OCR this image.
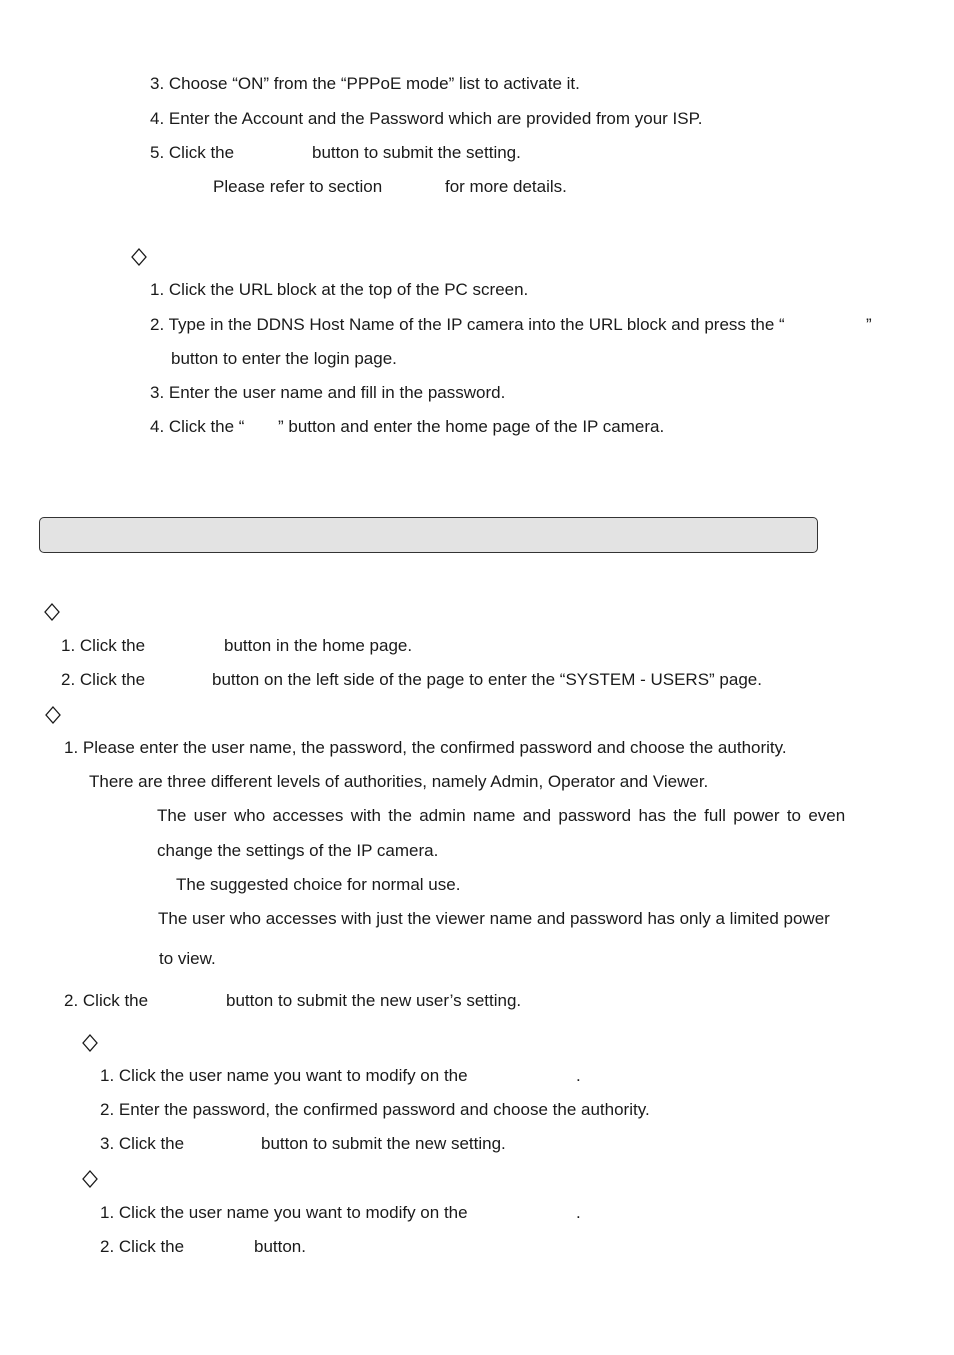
3. Choose “ON” from the “PPPoE mode” list to activate it.
4. Enter the Account and the Password which are provided from your ISP.
5. Click the	button to submit the setting.
Please refer to section	for more details.
1. Click the URL block at the top of the PC screen.
2. Type in the DDNS Host Name of the IP camera into the URL block and press the “	”
button to enter the login page.
3. Enter the user name and fill in the password.
4. Click the “ ” button and enter the home page of the IP camera.
1. Click the	button in the home page.
2. Click the	button on the left side of the page to enter the “SYSTEM - USERS” page.
1. Please enter the user name, the password, the confirmed password and choose the authority.
There are three different levels of authorities, namely Admin, Operator and Viewer.
The user who accesses with the admin name and password has the full power to even
change the settings of the IP camera.
The suggested choice for normal use.
The user who accesses with just the viewer name and password has only a limited power
to view.
2. Click the	button to submit the new user’s setting.
1. Click the user name you want to modify on the	.
2. Enter the password, the confirmed password and choose the authority.
3. Click the	button to submit the new setting.
1. Click the user name you want to modify on the	.
2. Click the	button.
